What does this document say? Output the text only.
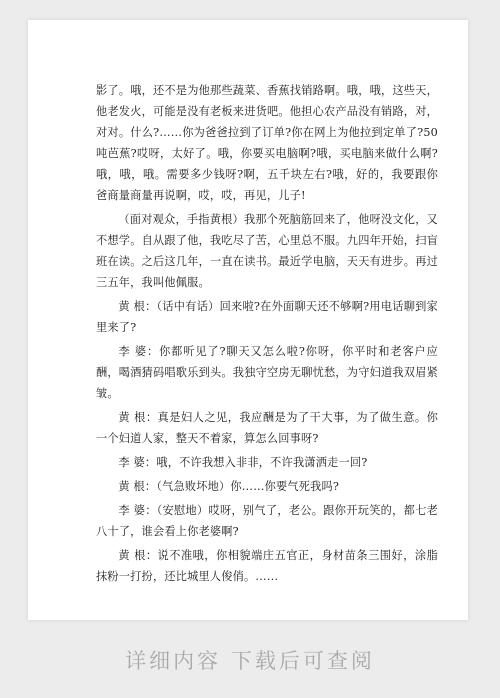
影了。哦，还不是为他那些蔬菜、香蕉找销路啊。哦，哦，这些天，他老发火，可能是没有老板来进货吧。他担心农产品没有销路，对，对对。什么?……你为爸爸拉到了订单?你在网上为他拉到定单了?50吨芭蕉?哎呀，太好了。哦，你要买电脑啊?哦，买电脑来做什么啊?哦，哦，哦。需要多少钱呀?啊，五千块左右?哦，好的，我要跟你爸商量商量再说啊，哎，哎，再见，儿子!

（面对观众，手指黄根）我那个死脑筋回来了，他呀没文化，又不想学。自从跟了他，我吃尽了苦，心里总不服。九四年开始，扫盲班在读。之后这几年，一直在读书。最近学电脑，天天有进步。再过三五年，我叫他佩服。

黄 根：（话中有话）回来啦?在外面聊天还不够啊?用电话聊到家里来了?

李 婆：你都听见了?聊天又怎么啦?你呀，你平时和老客户应酬，喝酒猜码唱歌乐到头。我独守空房无聊忧愁，为守妇道我双眉紧皱。

黄 根：真是妇人之见，我应酬是为了干大事，为了做生意。你一个妇道人家，整天不着家，算怎么回事呀?

李 婆：哦，不许我想入非非，不许我潇洒走一回?

黄 根：（气急败坏地）你……你要气死我吗?

李 婆：（安慰地）哎呀，别气了，老公。跟你开玩笑的，都七老八十了，谁会看上你老婆啊?

黄 根：说不准哦，你相貌端庄五官正，身材苗条三围好，涂脂抹粉一打扮，还比城里人俊俏。……

详细内容 下载后可查阅
